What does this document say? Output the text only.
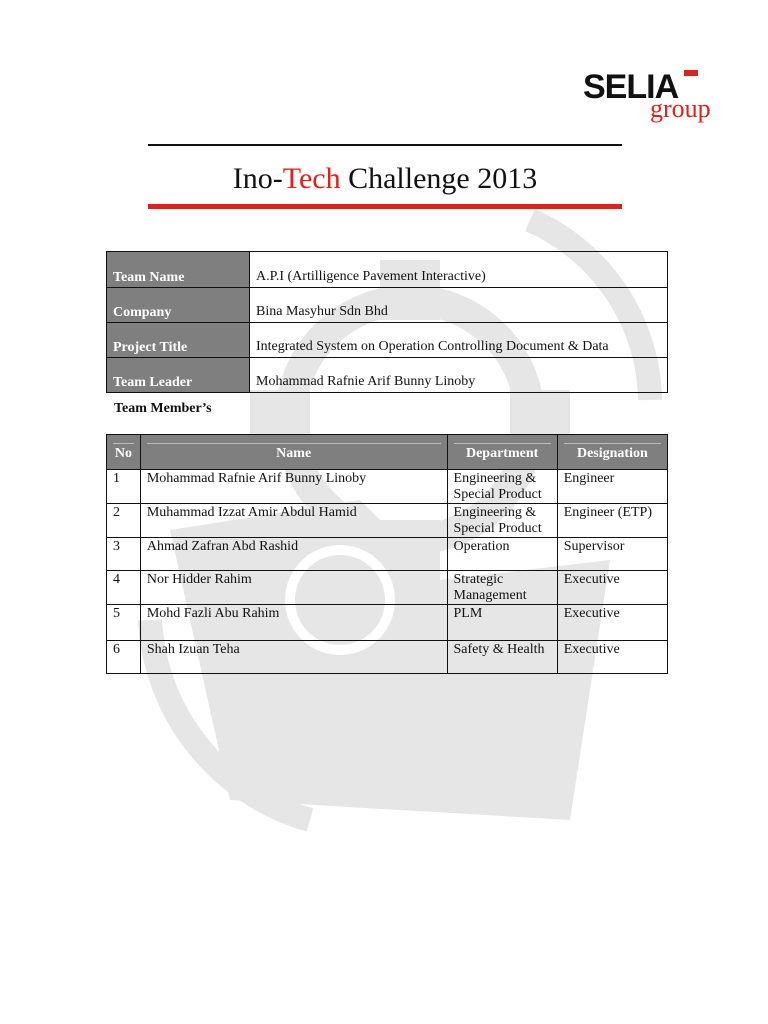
SELIA
group
Ino-Tech Challenge 2013
Team Name	A.P.I (Artilligence Pavement Interactive)
Company	Bina Masyhur Sdn Bhd
Project Title	Integrated System on Operation Controlling Document & Data
Team Leader	Mohammad Rafnie Arif Bunny Linoby
Team Member’s
No	Name	Department	Designation

1	Mohammad Rafnie Arif Bunny Linoby	Engineering & Special Product	Engineer
2	Muhammad Izzat Amir Abdul Hamid	Engineering & Special Product	Engineer (ETP)
3	Ahmad Zafran Abd Rashid	Operation	Supervisor
4	Nor Hidder Rahim	Strategic Management	Executive
5	Mohd Fazli Abu Rahim	PLM	Executive
6	Shah Izuan Teha	Safety & Health	Executive
